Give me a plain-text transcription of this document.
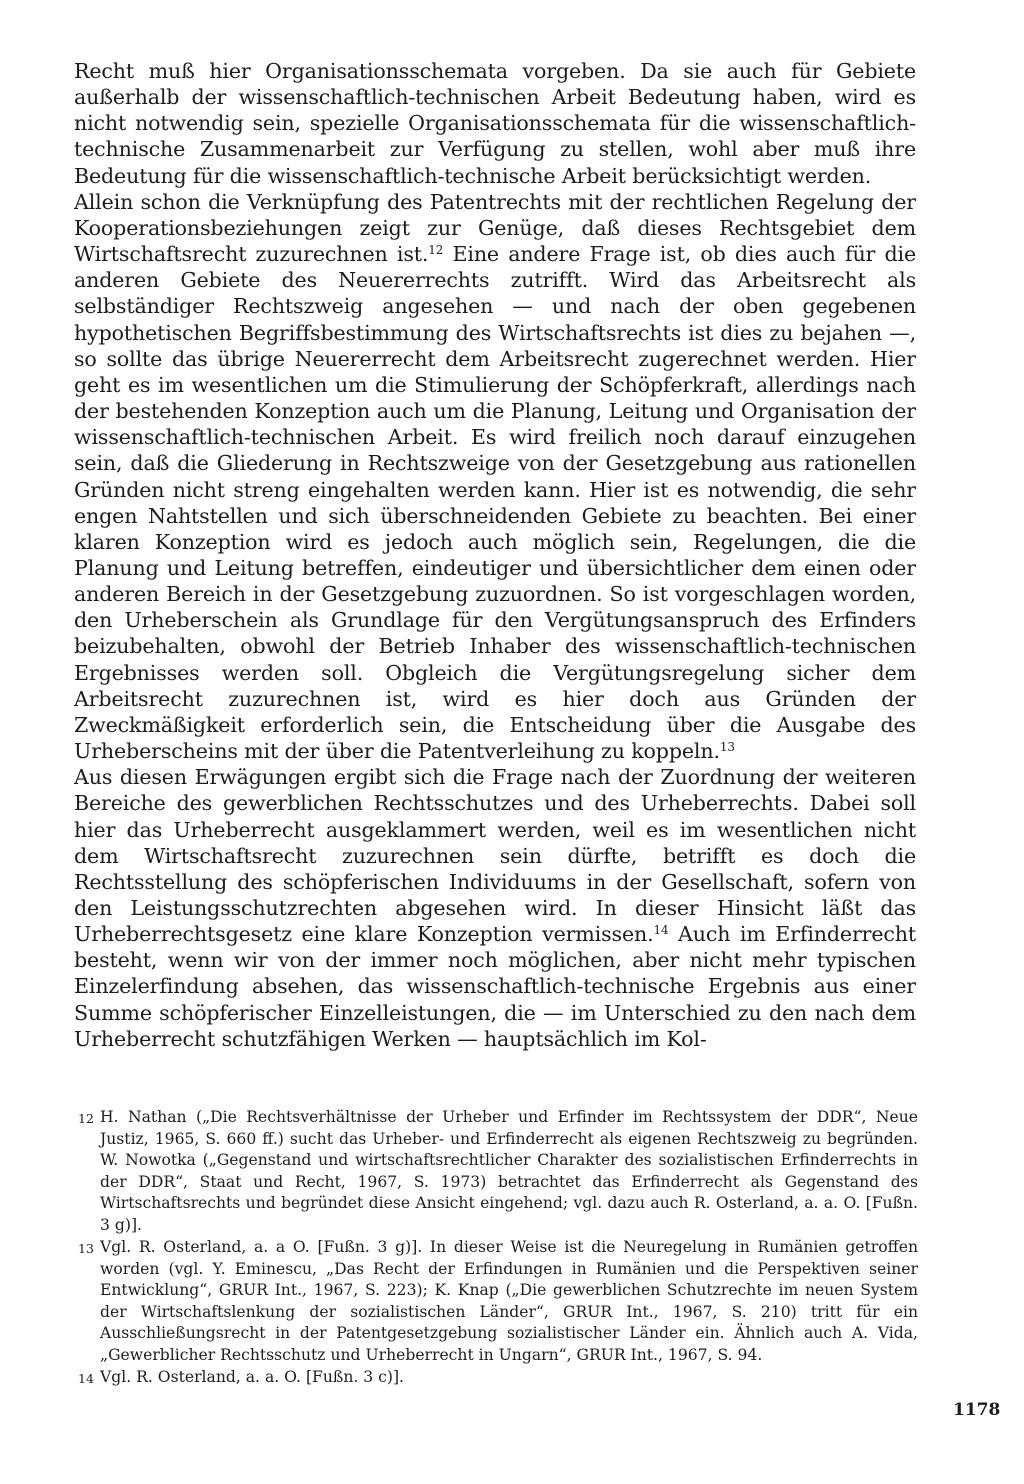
Recht muß hier Organisationsschemata vorgeben. Da sie auch für Gebiete außerhalb der wissenschaftlich-technischen Arbeit Bedeutung haben, wird es nicht notwendig sein, spezielle Organisationsschemata für die wissenschaftlich-technische Zusammenarbeit zur Verfügung zu stellen, wohl aber muß ihre Bedeutung für die wissenschaftlich-technische Arbeit berücksichtigt werden.
Allein schon die Verknüpfung des Patentrechts mit der rechtlichen Regelung der Kooperationsbeziehungen zeigt zur Genüge, daß dieses Rechtsgebiet dem Wirtschaftsrecht zuzurechnen ist.$^{12}$ Eine andere Frage ist, ob dies auch für die anderen Gebiete des Neuererrechts zutrifft. Wird das Arbeitsrecht als selbständiger Rechtszweig angesehen — und nach der oben gegebenen hypothetischen Begriffsbestimmung des Wirtschaftsrechts ist dies zu bejahen —, so sollte das übrige Neuererrecht dem Arbeitsrecht zugerechnet werden. Hier geht es im wesentlichen um die Stimulierung der Schöpferkraft, allerdings nach der bestehenden Konzeption auch um die Planung, Leitung und Organisation der wissenschaftlich-technischen Arbeit. Es wird freilich noch darauf einzugehen sein, daß die Gliederung in Rechtszweige von der Gesetzgebung aus rationellen Gründen nicht streng eingehalten werden kann. Hier ist es notwendig, die sehr engen Nahtstellen und sich überschneidenden Gebiete zu beachten. Bei einer klaren Konzeption wird es jedoch auch möglich sein, Regelungen, die die Planung und Leitung betreffen, eindeutiger und übersichtlicher dem einen oder anderen Bereich in der Gesetzgebung zuzuordnen. So ist vorgeschlagen worden, den Urheberschein als Grundlage für den Vergütungsanspruch des Erfinders beizubehalten, obwohl der Betrieb Inhaber des wissenschaftlich-technischen Ergebnisses werden soll. Obgleich die Vergütungsregelung sicher dem Arbeitsrecht zuzurechnen ist, wird es hier doch aus Gründen der Zweckmäßigkeit erforderlich sein, die Entscheidung über die Ausgabe des Urheberscheins mit der über die Patentverleihung zu koppeln.$^{13}$
Aus diesen Erwägungen ergibt sich die Frage nach der Zuordnung der weiteren Bereiche des gewerblichen Rechtsschutzes und des Urheberrechts. Dabei soll hier das Urheberrecht ausgeklammert werden, weil es im wesentlichen nicht dem Wirtschaftsrecht zuzurechnen sein dürfte, betrifft es doch die Rechtsstellung des schöpferischen Individuums in der Gesellschaft, sofern von den Leistungsschutzrechten abgesehen wird. In dieser Hinsicht läßt das Urheberrechtsgesetz eine klare Konzeption vermissen.$^{14}$ Auch im Erfinderrecht besteht, wenn wir von der immer noch möglichen, aber nicht mehr typischen Einzelerfindung absehen, das wissenschaftlich-technische Ergebnis aus einer Summe schöpferischer Einzelleistungen, die — im Unterschied zu den nach dem Urheberrecht schutzfähigen Werken — hauptsächlich im Kol-

12 H. Nathan („Die Rechtsverhältnisse der Urheber und Erfinder im Rechtssystem der DDR“, Neue Justiz, 1965, S. 660 ff.) sucht das Urheber- und Erfinderrecht als eigenen Rechtszweig zu begründen. W. Nowotka („Gegenstand und wirtschaftsrechtlicher Charakter des sozialistischen Erfinderrechts in der DDR“, Staat und Recht, 1967, S. 1973) betrachtet das Erfinderrecht als Gegenstand des Wirtschaftsrechts und begründet diese Ansicht eingehend; vgl. dazu auch R. Osterland, a. a. O. [Fußn. 3 g)].

13 Vgl. R. Osterland, a. a O. [Fußn. 3 g)]. In dieser Weise ist die Neuregelung in Rumänien getroffen worden (vgl. Y. Eminescu, „Das Recht der Erfindungen in Rumänien und die Perspektiven seiner Entwicklung“, GRUR Int., 1967, S. 223); K. Knap („Die gewerblichen Schutzrechte im neuen System der Wirtschaftslenkung der sozialistischen Länder“, GRUR Int., 1967, S. 210) tritt für ein Ausschließungsrecht in der Patentgesetzgebung sozialistischer Länder ein. Ähnlich auch A. Vida, „Gewerblicher Rechtsschutz und Urheberrecht in Ungarn“, GRUR Int., 1967, S. 94.

14 Vgl. R. Osterland, a. a. O. [Fußn. 3 c)].

1178
